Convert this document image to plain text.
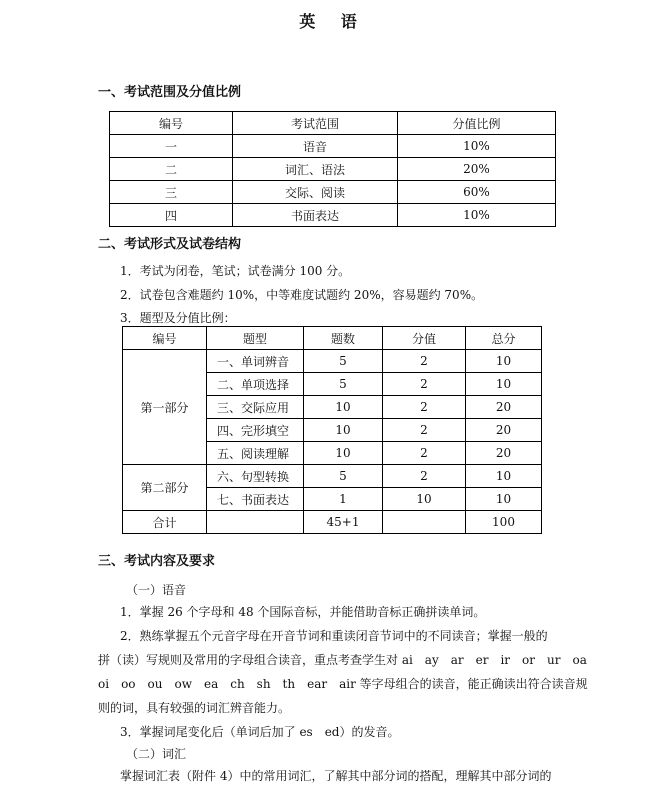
英 语
一、考试范围及分值比例
编号	考试范围	分值比例
一	语音	10%
二	词汇、语法	20%
三	交际、阅读	60%
四	书面表达	10%
二、考试形式及试卷结构
1．考试为闭卷，笔试；试卷满分 100 分。
2．试卷包含难题约 10%，中等难度试题约 20%，容易题约 70%。
3．题型及分值比例：
编号	题型	题数	分值	总分
第一部分	一、单词辨音	5	2	10
	二、单项选择	5	2	10
	三、交际应用	10	2	20
	四、完形填空	10	2	20
	五、阅读理解	10	2	20
第二部分	六、句型转换	5	2	10
	七、书面表达	1	10	10
合计		45+1		100
三、考试内容及要求
（一）语音
1．掌握 26 个字母和 48 个国际音标，并能借助音标正确拼读单词。
2．熟练掌握五个元音字母在开音节词和重读闭音节词中的不同读音；掌握一般的
拼（读）写规则及常用的字母组合读音，重点考查学生对 ai　ay　ar　er　ir　or　ur　oa
oi　oo　ou　ow　ea　ch　sh　th　ear　air 等字母组合的读音，能正确读出符合读音规
则的词，具有较强的词汇辨音能力。
3．掌握词尾变化后（单词后加了 es　ed）的发音。
（二）词汇
掌握词汇表（附件 4）中的常用词汇，了解其中部分词的搭配，理解其中部分词的
